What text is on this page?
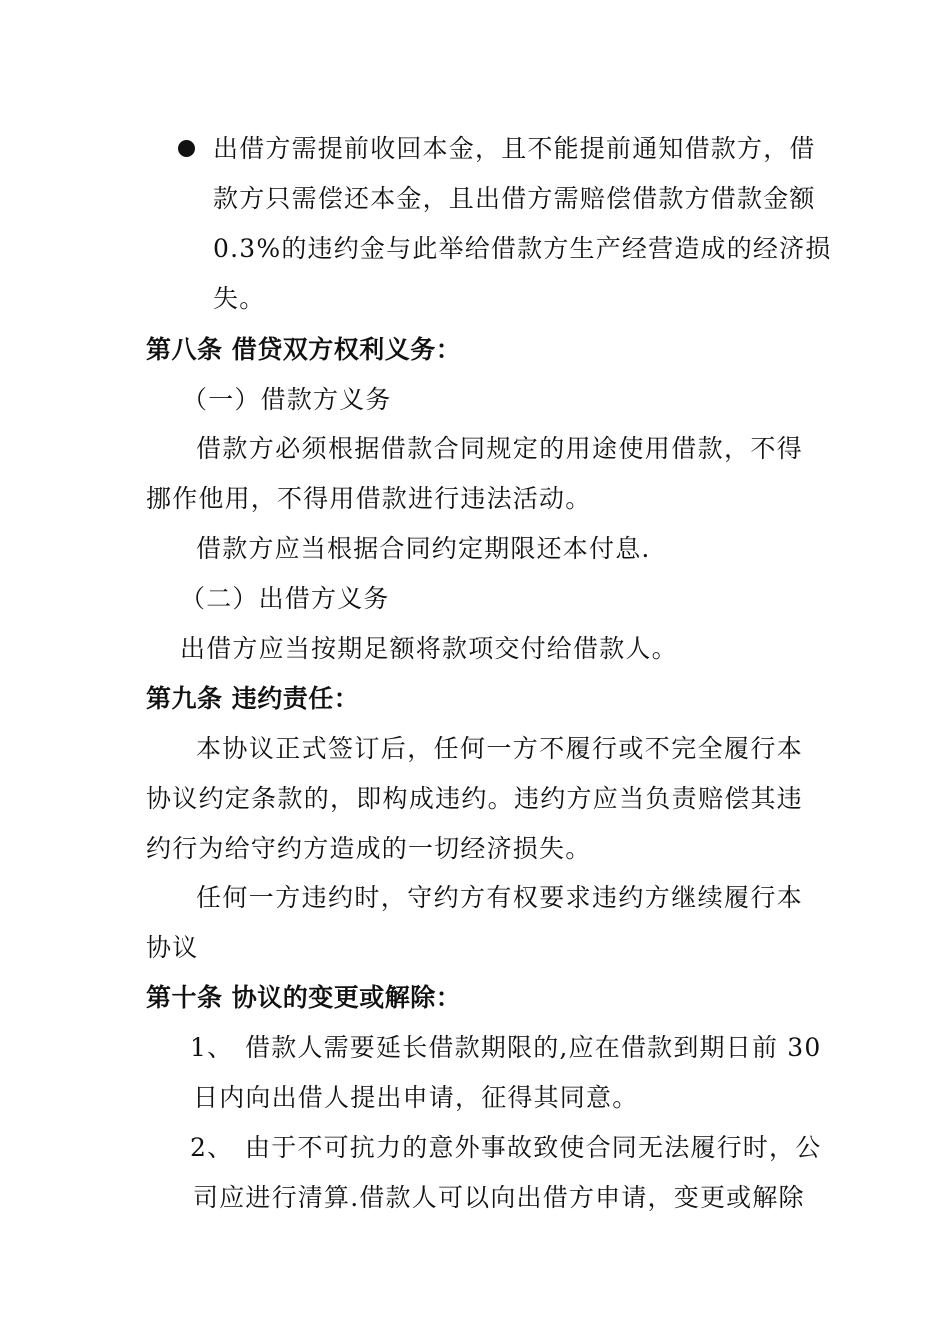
出借方需提前收回本金，且不能提前通知借款方，借

款方只需偿还本金，且出借方需赔偿借款方借款金额

0.3%的违约金与此举给借款方生产经营造成的经济损

失。

第八条 借贷双方权利义务：

（一）借款方义务

借款方必须根据借款合同规定的用途使用借款，不得

挪作他用，不得用借款进行违法活动。

借款方应当根据合同约定期限还本付息.

（二）出借方义务

出借方应当按期足额将款项交付给借款人。

第九条 违约责任：

本协议正式签订后，任何一方不履行或不完全履行本

协议约定条款的，即构成违约。违约方应当负责赔偿其违

约行为给守约方造成的一切经济损失。

任何一方违约时，守约方有权要求违约方继续履行本

协议

第十条 协议的变更或解除：

1、 借款人需要延长借款期限的,应在借款到期日前 30

日内向出借人提出申请，征得其同意。

2、 由于不可抗力的意外事故致使合同无法履行时，公

司应进行清算.借款人可以向出借方申请，变更或解除
